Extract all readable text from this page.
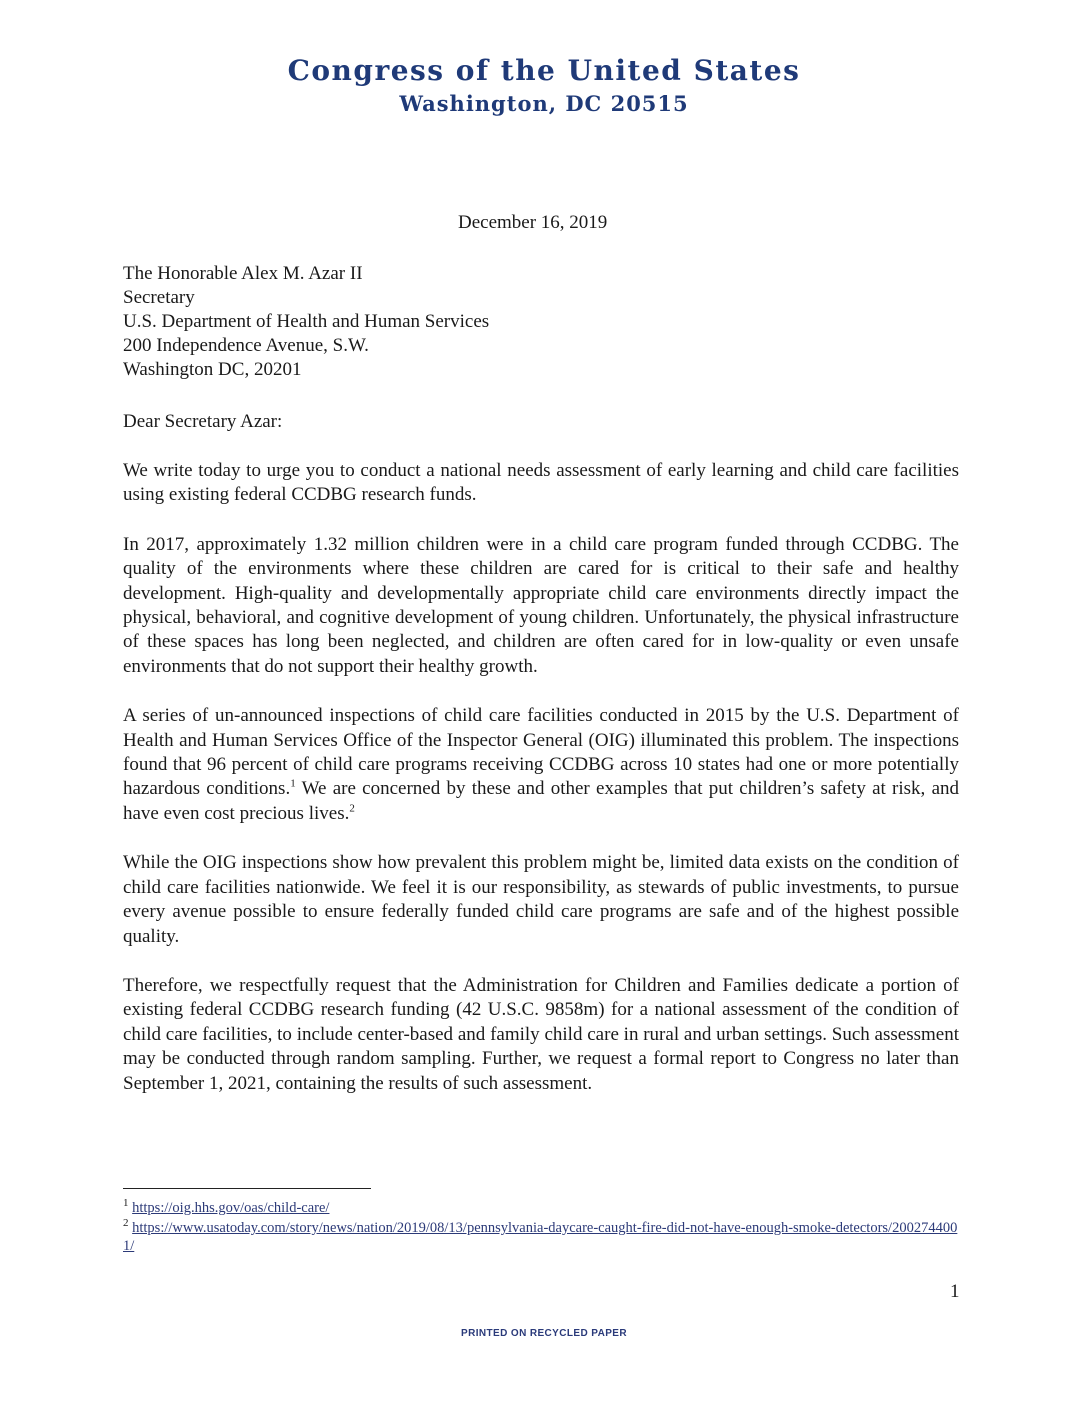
Congress of the United States
Washington, DC 20515
December 16, 2019
The Honorable Alex M. Azar II
Secretary
U.S. Department of Health and Human Services
200 Independence Avenue, S.W.
Washington DC, 20201
Dear Secretary Azar:

We write today to urge you to conduct a national needs assessment of early learning and child care facilities using existing federal CCDBG research funds.

In 2017, approximately 1.32 million children were in a child care program funded through CCDBG. The quality of the environments where these children are cared for is critical to their safe and healthy development. High-quality and developmentally appropriate child care environments directly impact the physical, behavioral, and cognitive development of young children. Unfortunately, the physical infrastructure of these spaces has long been neglected, and children are often cared for in low-quality or even unsafe environments that do not support their healthy growth.

A series of un-announced inspections of child care facilities conducted in 2015 by the U.S. Department of Health and Human Services Office of the Inspector General (OIG) illuminated this problem. The inspections found that 96 percent of child care programs receiving CCDBG across 10 states had one or more potentially hazardous conditions.$^1$ We are concerned by these and other examples that put children’s safety at risk, and have even cost precious lives.$^2$

While the OIG inspections show how prevalent this problem might be, limited data exists on the condition of child care facilities nationwide. We feel it is our responsibility, as stewards of public investments, to pursue every avenue possible to ensure federally funded child care programs are safe and of the highest possible quality.

Therefore, we respectfully request that the Administration for Children and Families dedicate a portion of existing federal CCDBG research funding (42 U.S.C. 9858m) for a national assessment of the condition of child care facilities, to include center-based and family child care in rural and urban settings. Such assessment may be conducted through random sampling. Further, we request a formal report to Congress no later than September 1, 2021, containing the results of such assessment.

$^1$ https://oig.hhs.gov/oas/child-care/
$^2$ https://www.usatoday.com/story/news/nation/2019/08/13/pennsylvania-daycare-caught-fire-did-not-have-enough-smoke-detectors/2002744001/
1
PRINTED ON RECYCLED PAPER
